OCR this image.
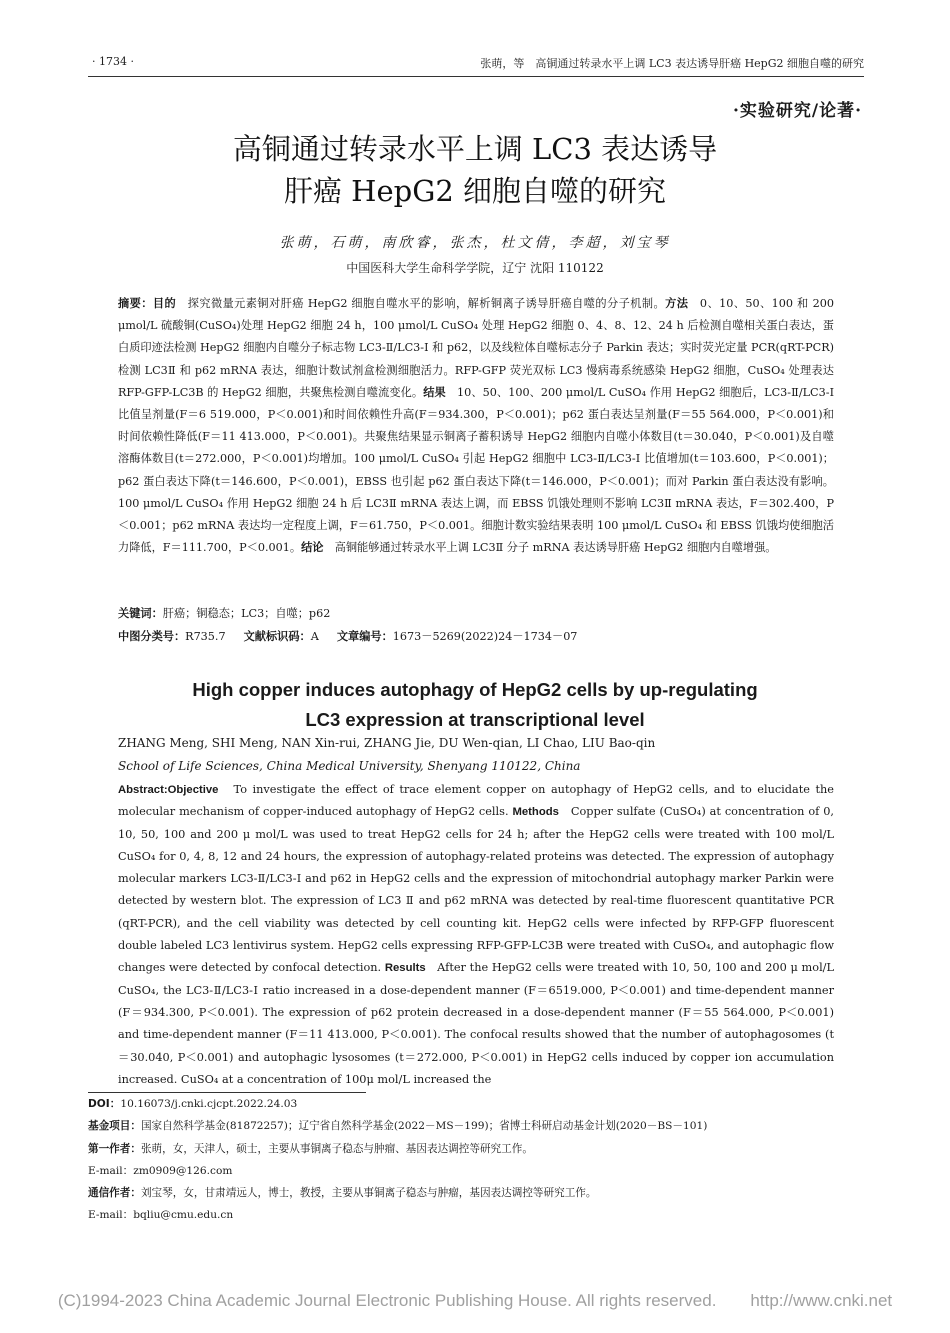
· 1734 ·	张萌，等　高铜通过转录水平上调 LC3 表达诱导肝癌 HepG2 细胞自噬的研究
·实验研究/论著·
高铜通过转录水平上调 LC3 表达诱导
肝癌 HepG2 细胞自噬的研究
张萌，石萌，南欣睿，张杰，杜文倩，李超，刘宝琴
中国医科大学生命科学学院，辽宁 沈阳 110122
摘要：目的　探究微量元素铜对肝癌 HepG2 细胞自噬水平的影响，解析铜离子诱导肝癌自噬的分子机制。方法　0、10、50、100 和 200 μmol/L 硫酸铜(CuSO₄)处理 HepG2 细胞 24 h，100 μmol/L CuSO₄ 处理 HepG2 细胞 0、4、8、12、24 h 后检测自噬相关蛋白表达，蛋白质印迹法检测 HepG2 细胞内自噬分子标志物 LC3-Ⅱ/LC3-Ⅰ 和 p62，以及线粒体自噬标志分子 Parkin 表达；实时荧光定量 PCR(qRT-PCR)检测 LC3Ⅱ 和 p62 mRNA 表达，细胞计数试剂盒检测细胞活力。RFP-GFP 荧光双标 LC3 慢病毒系统感染 HepG2 细胞，CuSO₄ 处理表达 RFP-GFP-LC3B 的 HepG2 细胞，共聚焦检测自噬流变化。结果　10、50、100、200 μmol/L CuSO₄ 作用 HepG2 细胞后，LC3-Ⅱ/LC3-Ⅰ 比值呈剂量(F＝6 519.000，P＜0.001)和时间依赖性升高(F＝934.300，P＜0.001)；p62 蛋白表达呈剂量(F＝55 564.000，P＜0.001)和时间依赖性降低(F＝11 413.000，P＜0.001)。共聚焦结果显示铜离子蓄积诱导 HepG2 细胞内自噬小体数目(t＝30.040，P＜0.001)及自噬溶酶体数目(t＝272.000，P＜0.001)均增加。100 μmol/L CuSO₄ 引起 HepG2 细胞中 LC3-Ⅱ/LC3-Ⅰ 比值增加(t＝103.600，P＜0.001)；p62 蛋白表达下降(t＝146.600，P＜0.001)，EBSS 也引起 p62 蛋白表达下降(t＝146.000，P＜0.001)；而对 Parkin 蛋白表达没有影响。100 μmol/L CuSO₄ 作用 HepG2 细胞 24 h 后 LC3Ⅱ mRNA 表达上调，而 EBSS 饥饿处理则不影响 LC3Ⅱ mRNA 表达，F＝302.400，P＜0.001；p62 mRNA 表达均一定程度上调，F＝61.750，P＜0.001。细胞计数实验结果表明 100 μmol/L CuSO₄ 和 EBSS 饥饿均使细胞活力降低，F＝111.700，P＜0.001。结论　高铜能够通过转录水平上调 LC3Ⅱ 分子 mRNA 表达诱导肝癌 HepG2 细胞内自噬增强。
关键词：肝癌；铜稳态；LC3；自噬；p62
中图分类号：R735.7 文献标识码：A 文章编号：1673－5269(2022)24－1734－07
High copper induces autophagy of HepG2 cells by up-regulating
LC3 expression at transcriptional level
ZHANG Meng, SHI Meng, NAN Xin-rui, ZHANG Jie, DU Wen-qian, LI Chao, LIU Bao-qin
School of Life Sciences, China Medical University, Shenyang 110122, China
Abstract:Objective　To investigate the effect of trace element copper on autophagy of HepG2 cells, and to elucidate the molecular mechanism of copper-induced autophagy of HepG2 cells. Methods　Copper sulfate (CuSO₄) at concentration of 0, 10, 50, 100 and 200 μ mol/L was used to treat HepG2 cells for 24 h; after the HepG2 cells were treated with 100 mol/L CuSO₄ for 0, 4, 8, 12 and 24 hours, the expression of autophagy-related proteins was detected. The expression of autophagy molecular markers LC3-Ⅱ/LC3-Ⅰ and p62 in HepG2 cells and the expression of mitochondrial autophagy marker Parkin were detected by western blot. The expression of LC3 Ⅱ and p62 mRNA was detected by real-time fluorescent quantitative PCR (qRT-PCR), and the cell viability was detected by cell counting kit. HepG2 cells were infected by RFP-GFP fluorescent double labeled LC3 lentivirus system. HepG2 cells expressing RFP-GFP-LC3B were treated with CuSO₄, and autophagic flow changes were detected by confocal detection. Results　After the HepG2 cells were treated with 10, 50, 100 and 200 μ mol/L CuSO₄, the LC3-Ⅱ/LC3-Ⅰ ratio increased in a dose-dependent manner (F＝6519.000, P＜0.001) and time-dependent manner (F＝934.300, P＜0.001). The expression of p62 protein decreased in a dose-dependent manner (F＝55 564.000, P＜0.001) and time-dependent manner (F＝11 413.000, P＜0.001). The confocal results showed that the number of autophagosomes (t＝30.040, P＜0.001) and autophagic lysosomes (t＝272.000, P＜0.001) in HepG2 cells induced by copper ion accumulation increased. CuSO₄ at a concentration of 100μ mol/L increased the
DOI：10.16073/j.cnki.cjcpt.2022.24.03
基金项目：国家自然科学基金(81872257)；辽宁省自然科学基金(2022－MS－199)；省博士科研启动基金计划(2020－BS－101)
第一作者：张萌，女，天津人，硕士，主要从事铜离子稳态与肿瘤、基因表达调控等研究工作。
E-mail：zm0909@126.com
通信作者：刘宝琴，女，甘肃靖远人，博士，教授，主要从事铜离子稳态与肿瘤，基因表达调控等研究工作。
E-mail：bqliu@cmu.edu.cn
(C)1994-2023 China Academic Journal Electronic Publishing House. All rights reserved.　　http://www.cnki.net
